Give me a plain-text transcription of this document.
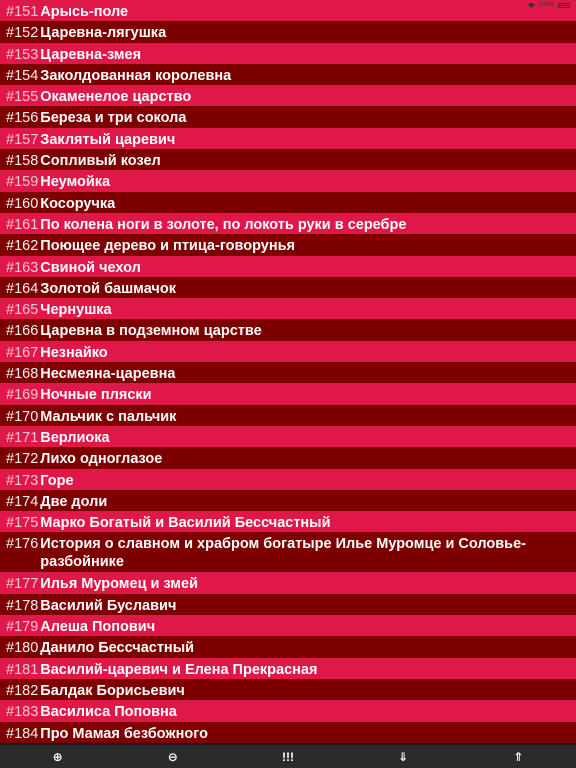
100%
#151 Арысь-поле
#152 Царевна-лягушка
#153 Царевна-змея
#154 Заколдованная королевна
#155 Окаменелое царство
#156 Береза и три сокола
#157 Заклятый царевич
#158 Сопливый козел
#159 Неумойка
#160 Косоручка
#161 По колена ноги в золоте, по локоть руки в серебре
#162 Поющее дерево и птица-говорунья
#163 Свиной чехол
#164 Золотой башмачок
#165 Чернушка
#166 Царевна в подземном царстве
#167 Незнайко
#168 Несмеяна-царевна
#169 Ночные пляски
#170 Мальчик с пальчик
#171 Верлиока
#172 Лихо одноглазое
#173 Горе
#174 Две доли
#175 Марко Богатый и Василий Бессчастный
#176 История о славном и храбром богатыре Илье Муромце и Соловье-разбойнике
#177 Илья Муромец и змей
#178 Василий Буславич
#179 Алеша Попович
#180 Данило Бессчастный
#181 Василий-царевич и Елена Прекрасная
#182 Балдак Борисьевич
#183 Василиса Поповна
#184 Про Мамая безбожного
⊕	⊖	!!!	⇓	⇑
